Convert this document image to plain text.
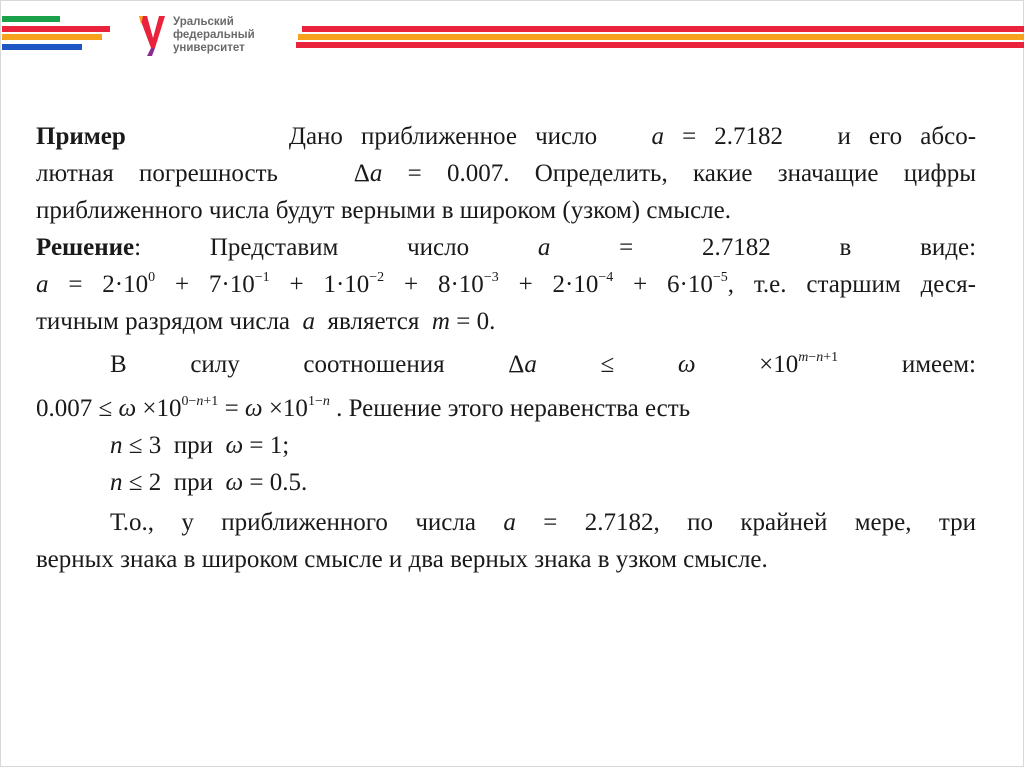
Уральский
федеральный
университет
Пример	Дано приближенное число a = 2.7182 и его абсо-
лютная погрешность	Δa = 0.007. Определить, какие значащие цифры
приближенного числа будут верными в широком (узком) смысле.
Решение:	Представим	число	a = 2.7182	в	виде:
$a = 2\cdot 10^0 + 7\cdot 10^{-1} + 1\cdot 10^{-2} + 8\cdot 10^{-3} + 2\cdot 10^{-4} + 6\cdot 10^{-5}$, т.е. старшим деся-
тичным разрядом числа a является m = 0.
В	силу	соотношения	$\Delta a \le \omega \times 10^{m-n+1}$	имеем:
$0.007 \le \omega \times 10^{0-n+1} = \omega \times 10^{1-n}$ . Решение этого неравенства есть
n ≤ 3  при  ω = 1;
n ≤ 2  при  ω = 0.5.
Т.о., у приближенного числа a = 2.7182, по крайней мере, три
верных знака в широком смысле и два верных знака в узком смысле.
